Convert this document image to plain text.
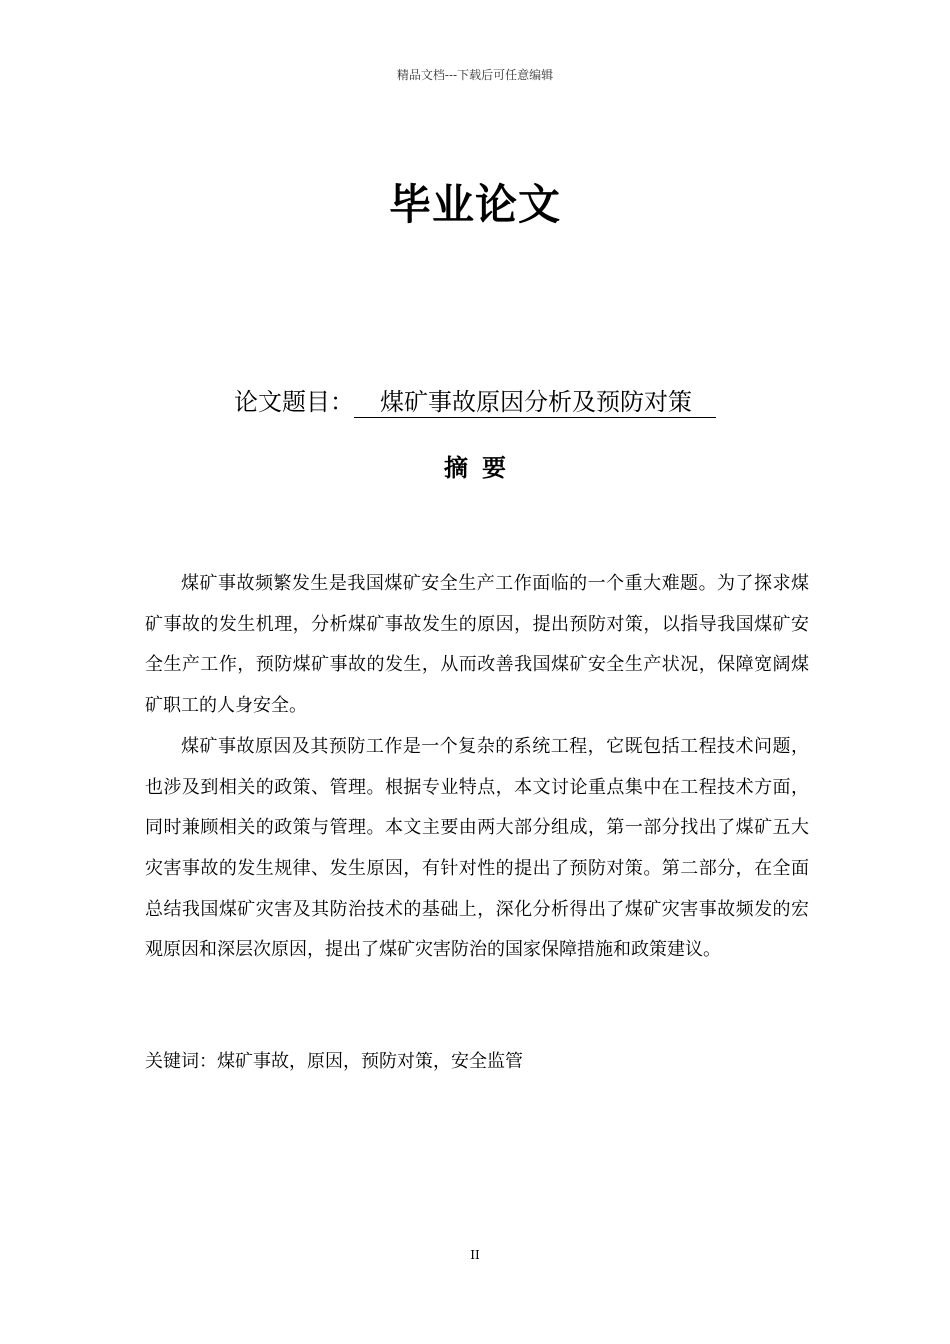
精品文档---下载后可任意编辑
毕业论文
论文题目： 煤矿事故原因分析及预防对策
摘要

煤矿事故频繁发生是我国煤矿安全生产工作面临的一个重大难题。为了探求煤矿事故的发生机理，分析煤矿事故发生的原因，提出预防对策，以指导我国煤矿安全生产工作，预防煤矿事故的发生，从而改善我国煤矿安全生产状况，保障宽阔煤矿职工的人身安全。

煤矿事故原因及其预防工作是一个复杂的系统工程，它既包括工程技术问题，也涉及到相关的政策、管理。根据专业特点，本文讨论重点集中在工程技术方面，同时兼顾相关的政策与管理。本文主要由两大部分组成，第一部分找出了煤矿五大灾害事故的发生规律、发生原因，有针对性的提出了预防对策。第二部分，在全面总结我国煤矿灾害及其防治技术的基础上，深化分析得出了煤矿灾害事故频发的宏观原因和深层次原因，提出了煤矿灾害防治的国家保障措施和政策建议。

关键词：煤矿事故，原因，预防对策，安全监管
II
